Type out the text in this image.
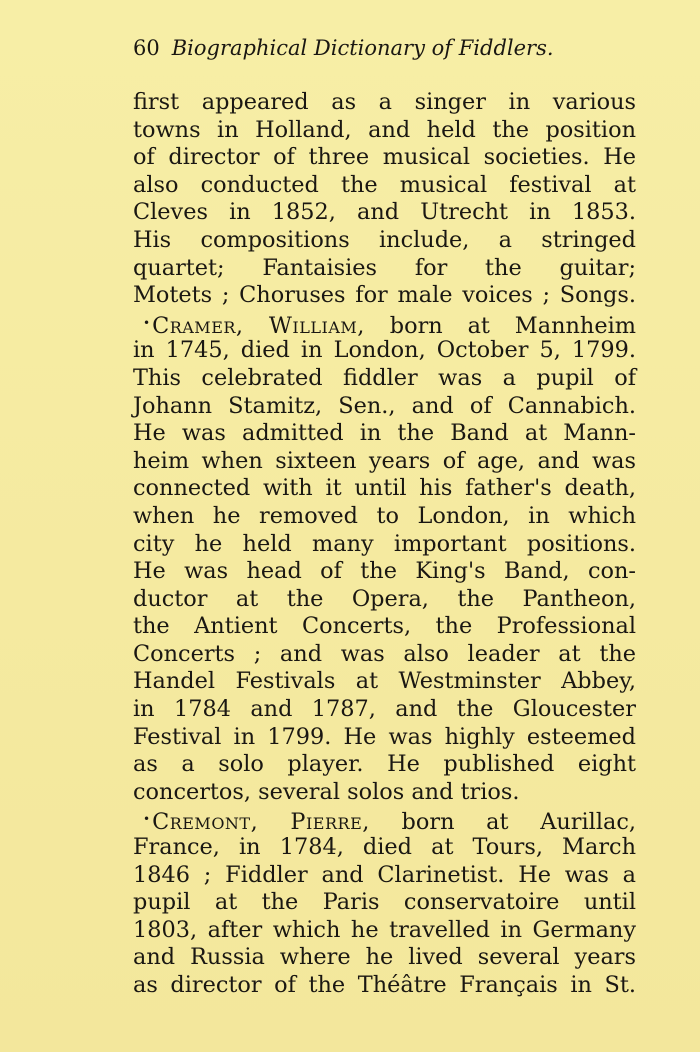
60 Biographical Dictionary of Fiddlers.
first appeared as a singer in various
towns in Holland, and held the position
of director of three musical societies. He
also conducted the musical festival at
Cleves in 1852, and Utrecht in 1853.
His compositions include, a stringed
quartet; Fantaisies for the guitar;
Motets ; Choruses for male voices ; Songs.
•Cramer, William, born at Mannheim
in 1745, died in London, October 5, 1799.
This celebrated fiddler was a pupil of
Johann Stamitz, Sen., and of Cannabich.
He was admitted in the Band at Mann-
heim when sixteen years of age, and was
connected with it until his father's death,
when he removed to London, in which
city he held many important positions.
He was head of the King's Band, con-
ductor at the Opera, the Pantheon,
the Antient Concerts, the Professional
Concerts ; and was also leader at the
Handel Festivals at Westminster Abbey,
in 1784 and 1787, and the Gloucester
Festival in 1799. He was highly esteemed
as a solo player. He published eight
concertos, several solos and trios.
•Cremont, Pierre, born at Aurillac,
France, in 1784, died at Tours, March
1846 ; Fiddler and Clarinetist. He was a
pupil at the Paris conservatoire until
1803, after which he travelled in Germany
and Russia where he lived several years
as director of the Théâtre Français in St.
